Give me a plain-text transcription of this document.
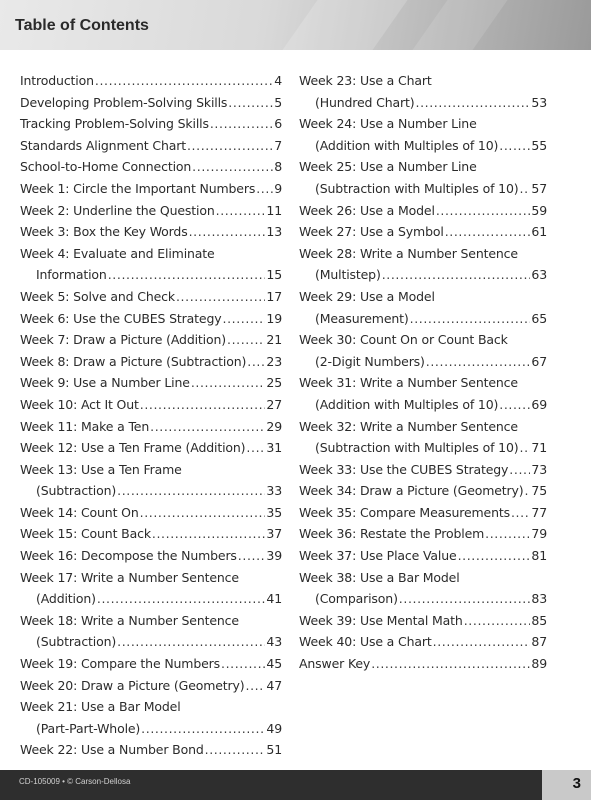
Table of Contents
Introduction .....	4
Developing Problem-Solving Skills .....	5
Tracking Problem-Solving Skills .....	6
Standards Alignment Chart .....	7
School-to-Home Connection .....	8
Week 1: Circle the Important Numbers ..... 9
Week 2: Underline the Question .....	11
Week 3: Box the Key Words .....	13
Week 4: Evaluate and Eliminate
Information .....	15
Week 5: Solve and Check .....	17
Week 6: Use the CUBES Strategy .....	19
Week 7: Draw a Picture (Addition) .....	21
Week 8: Draw a Picture (Subtraction) ..... 23
Week 9: Use a Number Line .....	25
Week 10: Act It Out .....	27
Week 11: Make a Ten .....	29
Week 12: Use a Ten Frame (Addition) ..... 31
Week 13: Use a Ten Frame
(Subtraction) .....	33
Week 14: Count On .....	35
Week 15: Count Back .....	37
Week 16: Decompose the Numbers ..... 39
Week 17: Write a Number Sentence
(Addition) .....	41
Week 18: Write a Number Sentence
(Subtraction) .....	43
Week 19: Compare the Numbers .....	45
Week 20: Draw a Picture (Geometry) ..... 47
Week 21: Use a Bar Model
(Part-Part-Whole) .....	49
Week 22: Use a Number Bond .....	51
Week 23: Use a Chart
(Hundred Chart) .....	53
Week 24: Use a Number Line
(Addition with Multiples of 10) .....	55
Week 25: Use a Number Line
(Subtraction with Multiples of 10) ..... 57
Week 26: Use a Model .....	59
Week 27: Use a Symbol .....	61
Week 28: Write a Number Sentence
(Multistep) .....	63
Week 29: Use a Model
(Measurement) .....	65
Week 30: Count On or Count Back
(2-Digit Numbers) .....	67
Week 31: Write a Number Sentence
(Addition with Multiples of 10) .....	69
Week 32: Write a Number Sentence
(Subtraction with Multiples of 10) ..... 71
Week 33: Use the CUBES Strategy ..... 73
Week 34: Draw a Picture (Geometry) ..... 75
Week 35: Compare Measurements ..... 77
Week 36: Restate the Problem .....	79
Week 37: Use Place Value .....	81
Week 38: Use a Bar Model
(Comparison) .....	83
Week 39: Use Mental Math .....	85
Week 40: Use a Chart .....	87
Answer Key .....	89
CD-105009 • © Carson-Dellosa	3
